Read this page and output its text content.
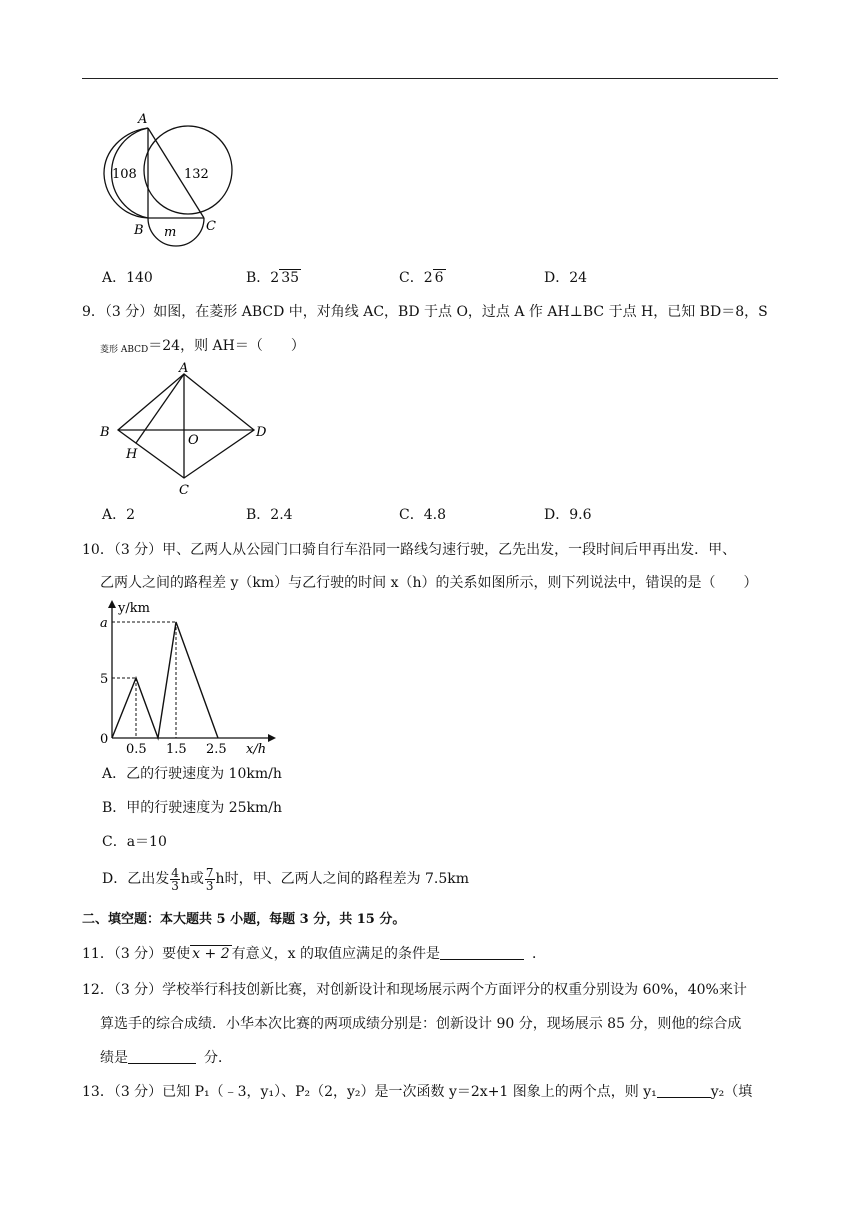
A
B	C
108	132
m
A．140	B．2 35	C．2 6	D．24
9．（3 分）如图，在菱形 ABCD 中，对角线 AC，BD 于点 O，过点 A 作 AH⊥BC 于点 H，已知 BD＝8，S
$_{菱形 ABCD}$＝24，则 AH＝（　　）
A
B
C
D
O
H
A．2	B．2.4	C．4.8	D．9.6
10．（3 分）甲、乙两人从公园门口骑自行车沿同一路线匀速行驶，乙先出发，一段时间后甲再出发．甲、
乙两人之间的路程差 y（km）与乙行驶的时间 x（h）的关系如图所示，则下列说法中，错误的是（　　）
y/km
x/h
a
5
0
0.5 1.5 2.5
A．乙的行驶速度为 10km/h
B．甲的行驶速度为 25km/h
C．a＝10
D．乙出发 $\frac{4}{3}$ h或 $\frac{7}{3}$ h时，甲、乙两人之间的路程差为 7.5km
二、填空题：本大题共 5 小题，每题 3 分，共 15 分。
11．（3 分）要使 x + 2 有意义，x 的取值应满足的条件是	．
12．（3 分）学校举行科技创新比赛，对创新设计和现场展示两个方面评分的权重分别设为 60%，40%来计
算选手的综合成绩．小华本次比赛的两项成绩分别是：创新设计 90 分，现场展示 85 分，则他的综合成
绩是	分．
13．（3 分）已知 P₁（﹣3，y₁）、P₂（2，y₂）是一次函数 y＝2x+1 图象上的两个点，则 y₁	y₂（填
